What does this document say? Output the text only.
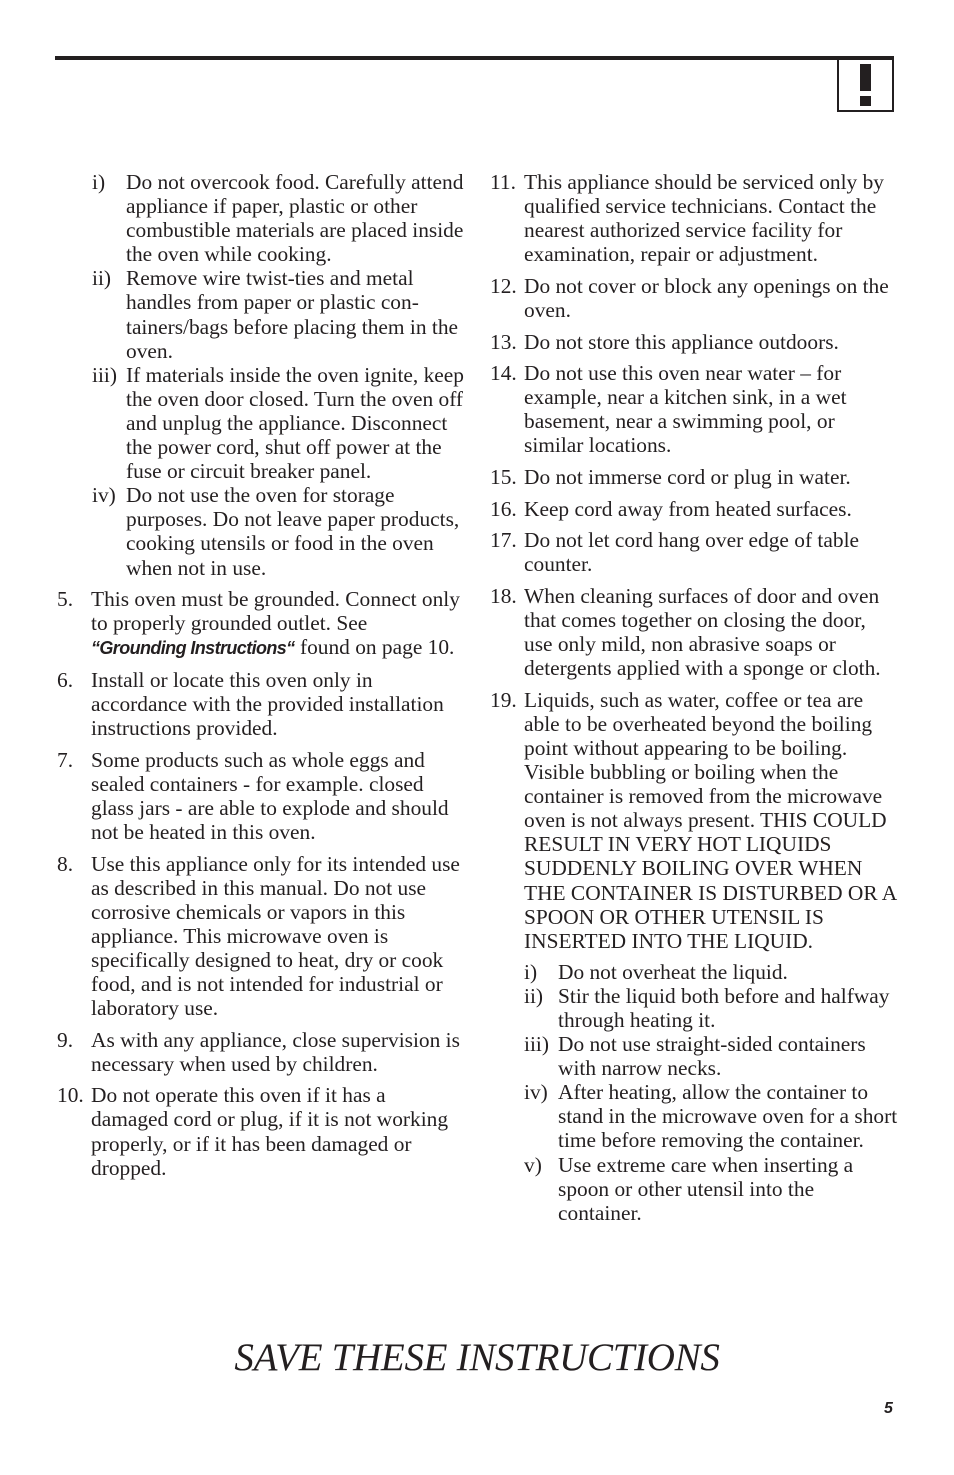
i) Do not overcook food. Carefully attend appliance if paper, plastic or other combustible materials are placed inside the oven while cooking.
ii) Remove wire twist-ties and metal handles from paper or plastic con-tainers/bags before placing them in the oven.
iii) If materials inside the oven ignite, keep the oven door closed. Turn the oven off and unplug the appliance. Disconnect the power cord, shut off power at the fuse or circuit breaker panel.
iv) Do not use the oven for storage purposes. Do not leave paper products, cooking utensils or food in the oven when not in use.
5. This oven must be grounded. Connect only to properly grounded outlet. See “Grounding Instructions“ found on page 10.
6. Install or locate this oven only in accordance with the provided installation instructions provided.
7. Some products such as whole eggs and sealed containers - for example. closed glass jars - are able to explode and should not be heated in this oven.
8. Use this appliance only for its intended use as described in this manual. Do not use corrosive chemicals or vapors in this appliance. This microwave oven is specifically designed to heat, dry or cook food, and is not intended for industrial or laboratory use.
9. As with any appliance, close supervision is necessary when used by children.
10. Do not operate this oven if it has a damaged cord or plug, if it is not working properly, or if it has been damaged or dropped.
11. This appliance should be serviced only by qualified service technicians. Contact the nearest authorized service facility for examination, repair or adjustment.
12. Do not cover or block any openings on the oven.
13. Do not store this appliance outdoors.
14. Do not use this oven near water – for example, near a kitchen sink, in a wet basement, near a swimming pool, or similar locations.
15. Do not immerse cord or plug in water.
16. Keep cord away from heated surfaces.
17. Do not let cord hang over edge of table counter.
18. When cleaning surfaces of door and oven that comes together on closing the door, use only mild, non abrasive soaps or detergents applied with a sponge or cloth.
19. Liquids, such as water, coffee or tea are able to be overheated beyond the boiling point without appearing to be boiling. Visible bubbling or boiling when the container is removed from the microwave oven is not always present. THIS COULD RESULT IN VERY HOT LIQUIDS SUDDENLY BOILING OVER WHEN THE CONTAINER IS DISTURBED OR A SPOON OR OTHER UTENSIL IS INSERTED INTO THE LIQUID.
i) Do not overheat the liquid.
ii) Stir the liquid both before and halfway through heating it.
iii) Do not use straight-sided containers with narrow necks.
iv) After heating, allow the container to stand in the microwave oven for a short time before removing the container.
v) Use extreme care when inserting a spoon or other utensil into the container.
SAVE THESE INSTRUCTIONS
5
